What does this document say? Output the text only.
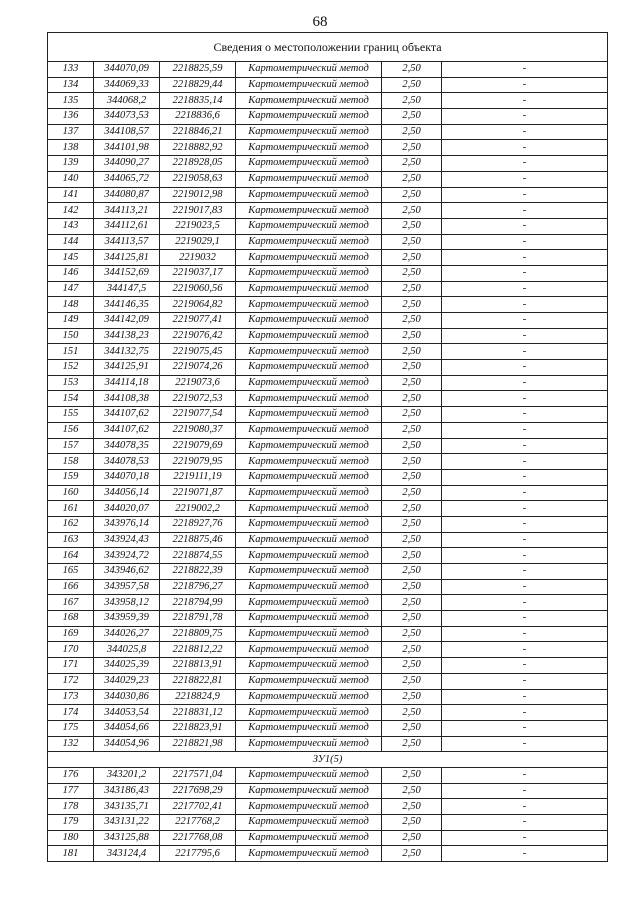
68
Сведения о местоположении границ объекта					
133	344070,09	2218825,59	Картометрический метод	2,50	-
134	344069,33	2218829,44	Картометрический метод	2,50	-
135	344068,2	2218835,14	Картометрический метод	2,50	-
136	344073,53	2218836,6	Картометрический метод	2,50	-
137	344108,57	2218846,21	Картометрический метод	2,50	-
138	344101,98	2218882,92	Картометрический метод	2,50	-
139	344090,27	2218928,05	Картометрический метод	2,50	-
140	344065,72	2219058,63	Картометрический метод	2,50	-
141	344080,87	2219012,98	Картометрический метод	2,50	-
142	344113,21	2219017,83	Картометрический метод	2,50	-
143	344112,61	2219023,5	Картометрический метод	2,50	-
144	344113,57	2219029,1	Картометрический метод	2,50	-
145	344125,81	2219032	Картометрический метод	2,50	-
146	344152,69	2219037,17	Картометрический метод	2,50	-
147	344147,5	2219060,56	Картометрический метод	2,50	-
148	344146,35	2219064,82	Картометрический метод	2,50	-
149	344142,09	2219077,41	Картометрический метод	2,50	-
150	344138,23	2219076,42	Картометрический метод	2,50	-
151	344132,75	2219075,45	Картометрический метод	2,50	-
152	344125,91	2219074,26	Картометрический метод	2,50	-
153	344114,18	2219073,6	Картометрический метод	2,50	-
154	344108,38	2219072,53	Картометрический метод	2,50	-
155	344107,62	2219077,54	Картометрический метод	2,50	-
156	344107,62	2219080,37	Картометрический метод	2,50	-
157	344078,35	2219079,69	Картометрический метод	2,50	-
158	344078,53	2219079,95	Картометрический метод	2,50	-
159	344070,18	2219111,19	Картометрический метод	2,50	-
160	344056,14	2219071,87	Картометрический метод	2,50	-
161	344020,07	2219002,2	Картометрический метод	2,50	-
162	343976,14	2218927,76	Картометрический метод	2,50	-
163	343924,43	2218875,46	Картометрический метод	2,50	-
164	343924,72	2218874,55	Картометрический метод	2,50	-
165	343946,62	2218822,39	Картометрический метод	2,50	-
166	343957,58	2218796,27	Картометрический метод	2,50	-
167	343958,12	2218794,99	Картометрический метод	2,50	-
168	343959,39	2218791,78	Картометрический метод	2,50	-
169	344026,27	2218809,75	Картометрический метод	2,50	-
170	344025,8	2218812,22	Картометрический метод	2,50	-
171	344025,39	2218813,91	Картометрический метод	2,50	-
172	344029,23	2218822,81	Картометрический метод	2,50	-
173	344030,86	2218824,9	Картометрический метод	2,50	-
174	344053,54	2218831,12	Картометрический метод	2,50	-
175	344054,66	2218823,91	Картометрический метод	2,50	-
132	344054,96	2218821,98	Картометрический метод	2,50	-
ЗУ1(5)					
176	343201,2	2217571,04	Картометрический метод	2,50	-
177	343186,43	2217698,29	Картометрический метод	2,50	-
178	343135,71	2217702,41	Картометрический метод	2,50	-
179	343131,22	2217768,2	Картометрический метод	2,50	-
180	343125,88	2217768,08	Картометрический метод	2,50	-
181	343124,4	2217795,6	Картометрический метод	2,50	-
